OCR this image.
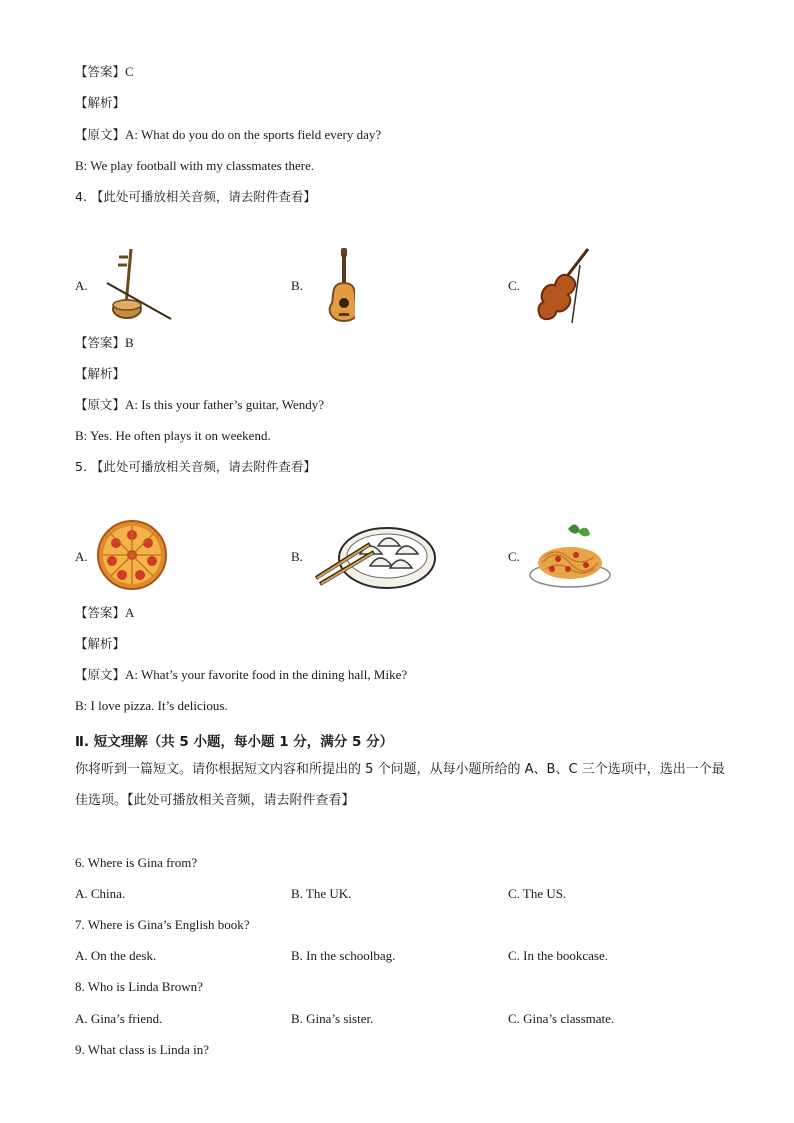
【答案】C
【解析】
【原文】A: What do you do on the sports field every day?
B: We play football with my classmates there.
4. 【此处可播放相关音频，请去附件查看】
A.	B.	C.
【答案】B
【解析】
【原文】A: Is this your father’s guitar, Wendy?
B: Yes. He often plays it on weekend.
5. 【此处可播放相关音频，请去附件查看】
A.	B.	C.
【答案】A
【解析】
【原文】A: What’s your favorite food in the dining hall, Mike?
B: I love pizza. It’s delicious.
Ⅱ. 短文理解（共 5 小题，每小题 1 分，满分 5 分）
你将听到一篇短文。请你根据短文内容和所提出的 5 个问题，从每小题所给的 A、B、C 三个选项中，选出一个最佳选项。【此处可播放相关音频，请去附件查看】
6. Where is Gina from?
A. China.	B. The UK.	C. The US.
7. Where is Gina’s English book?
A. On the desk.	B. In the schoolbag.	C. In the bookcase.
8. Who is Linda Brown?
A. Gina’s friend.	B. Gina’s sister.	C. Gina’s classmate.
9. What class is Linda in?
